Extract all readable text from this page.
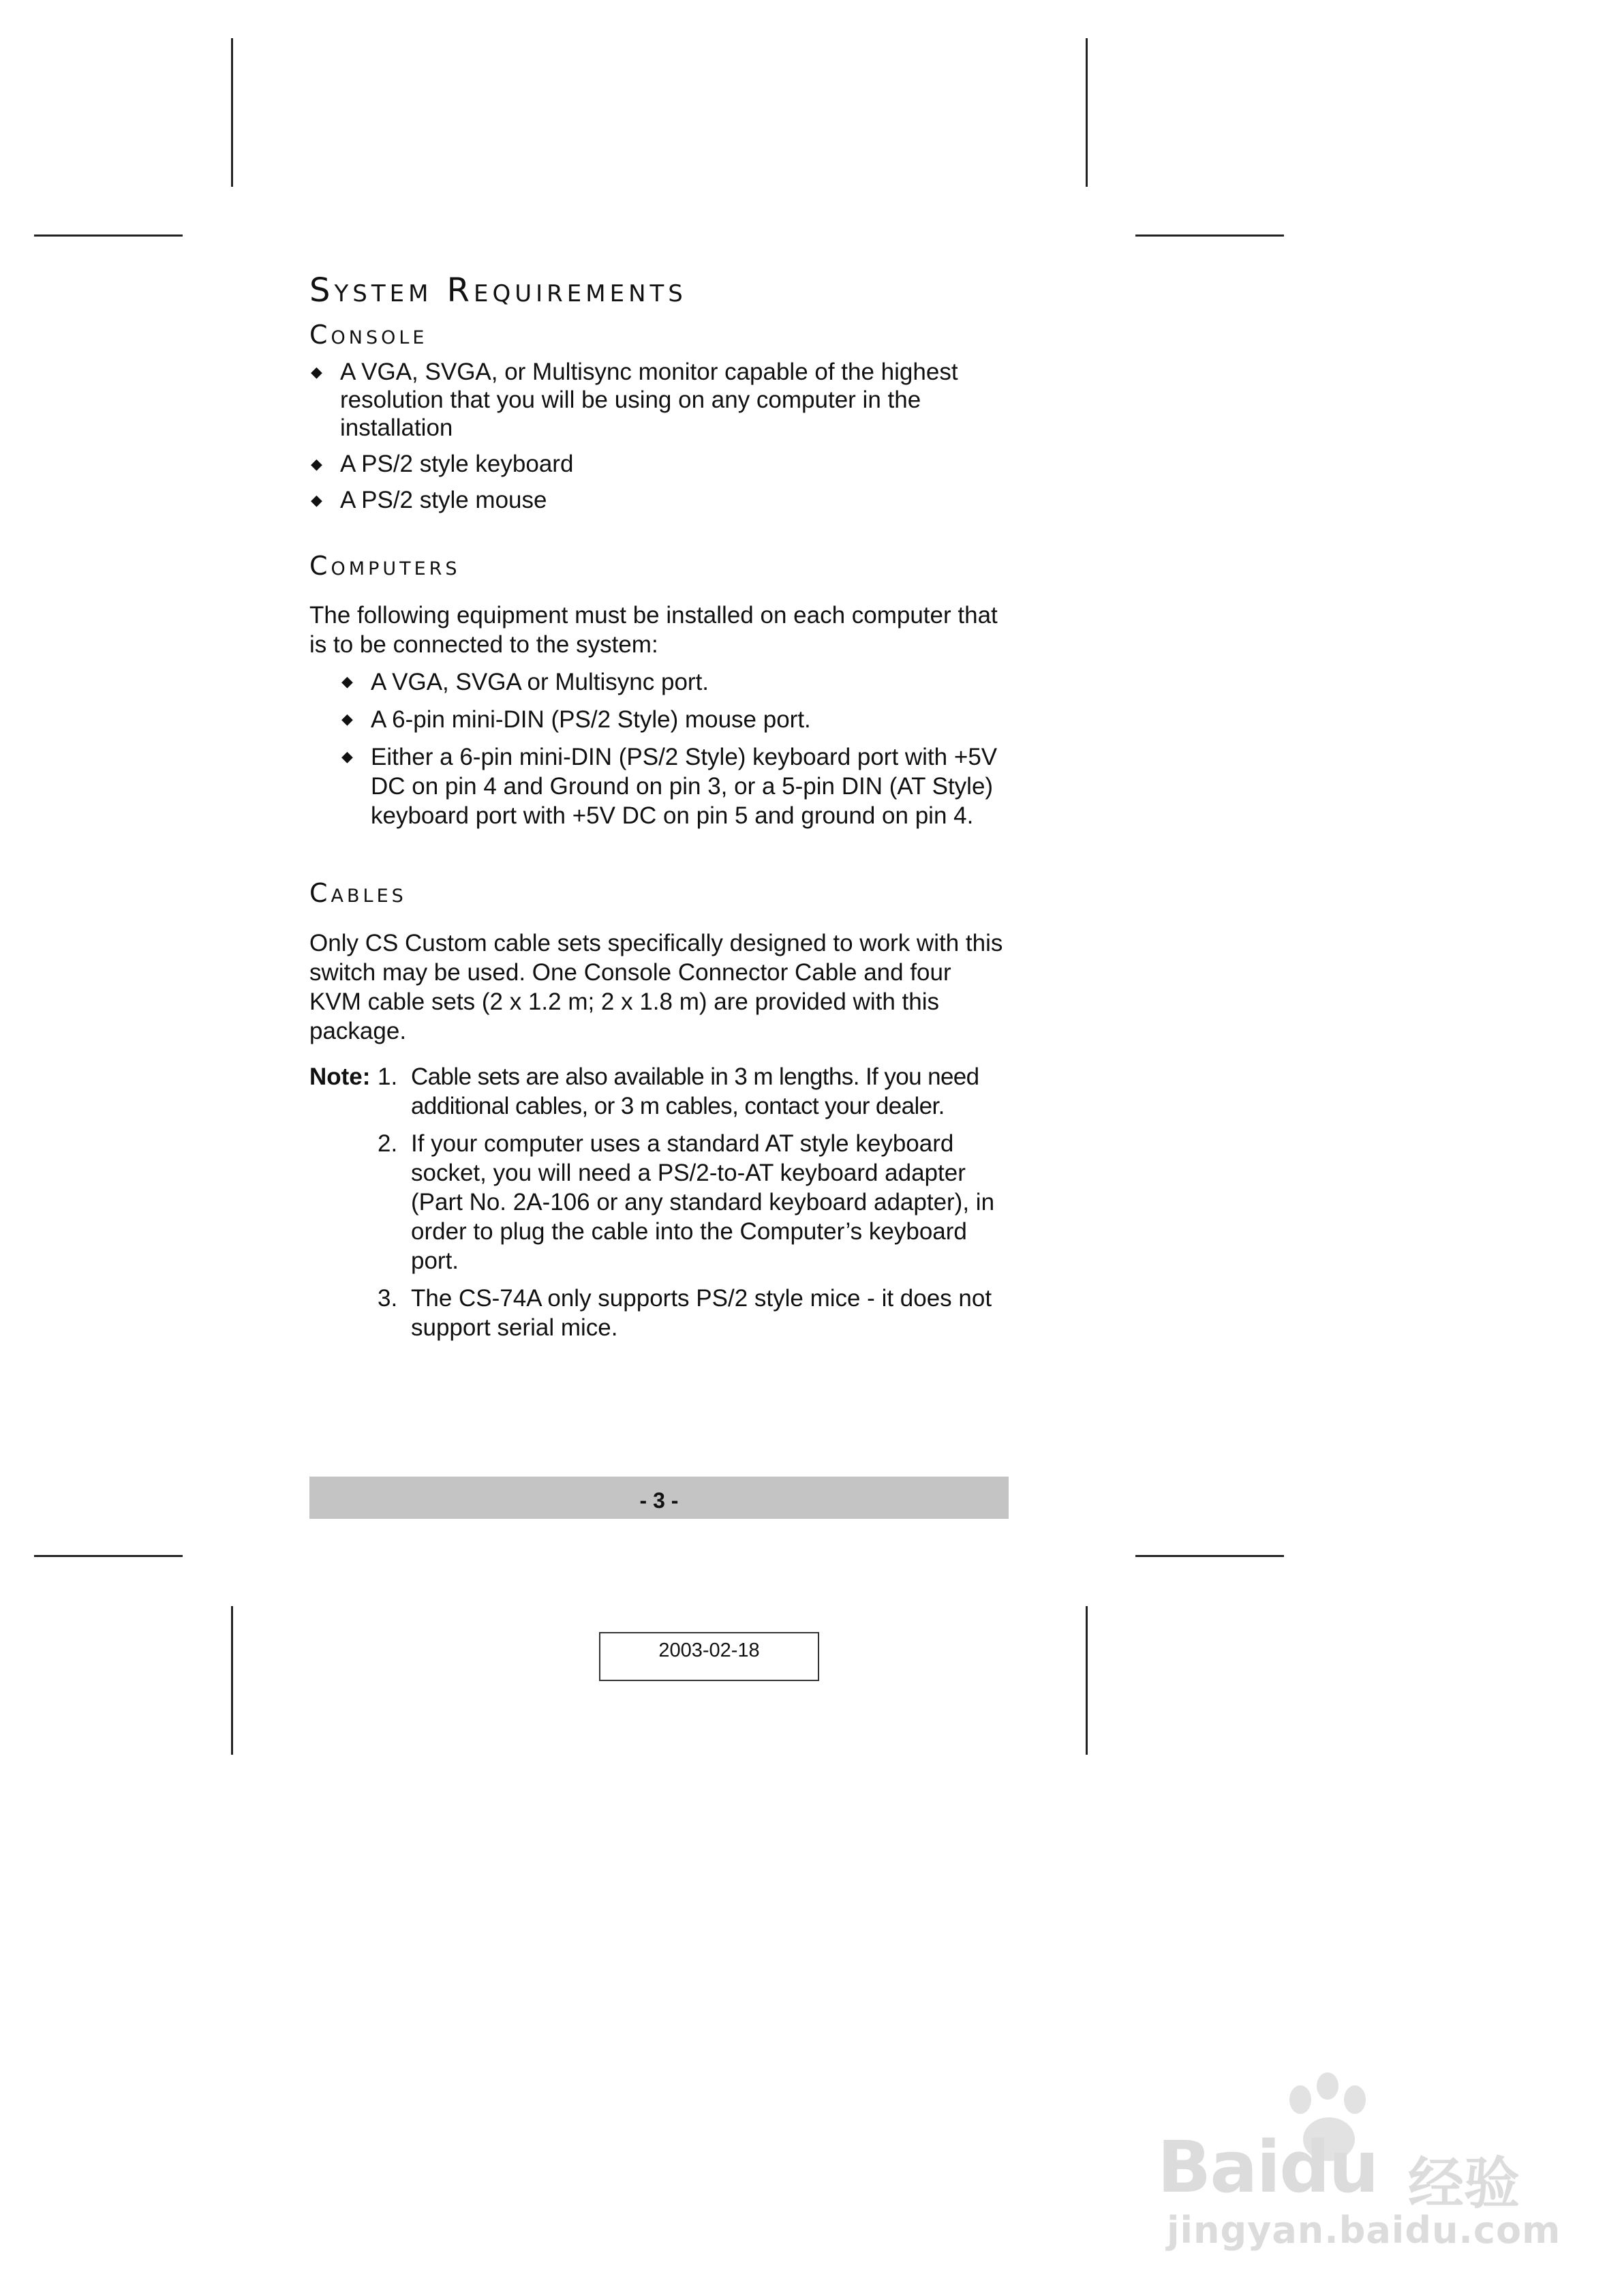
System Requirements
Console
◆ A VGA, SVGA, or Multisync monitor capable of the highest resolution that you will be using on any computer in the installation
◆ A PS/2 style keyboard
◆ A PS/2 style mouse
Computers

The following equipment must be installed on each computer that is to be connected to the system:

◆ A VGA, SVGA or Multisync port.
◆ A 6-pin mini-DIN (PS/2 Style) mouse port.
◆ Either a 6-pin mini-DIN (PS/2 Style) keyboard port with +5V DC on pin 4 and Ground on pin 3, or a 5-pin DIN (AT Style) keyboard port with +5V DC on pin 5 and ground on pin 4.
Cables

Only CS Custom cable sets specifically designed to work with this switch may be used. One Console Connector Cable and four KVM cable sets (2 x 1.2 m; 2 x 1.8 m) are provided with this package.

Note: 1. Cable sets are also available in 3 m lengths. If you need additional cables, or 3 m cables, contact your dealer.
2. If your computer uses a standard AT style keyboard socket, you will need a PS/2-to-AT keyboard adapter (Part No. 2A-106 or any standard keyboard adapter), in order to plug the cable into the Computer’s keyboard port.
3. The CS-74A only supports PS/2 style mice - it does not support serial mice.
- 3 -
2003-02-18
Baidu 经验
jingyan.baidu.com
